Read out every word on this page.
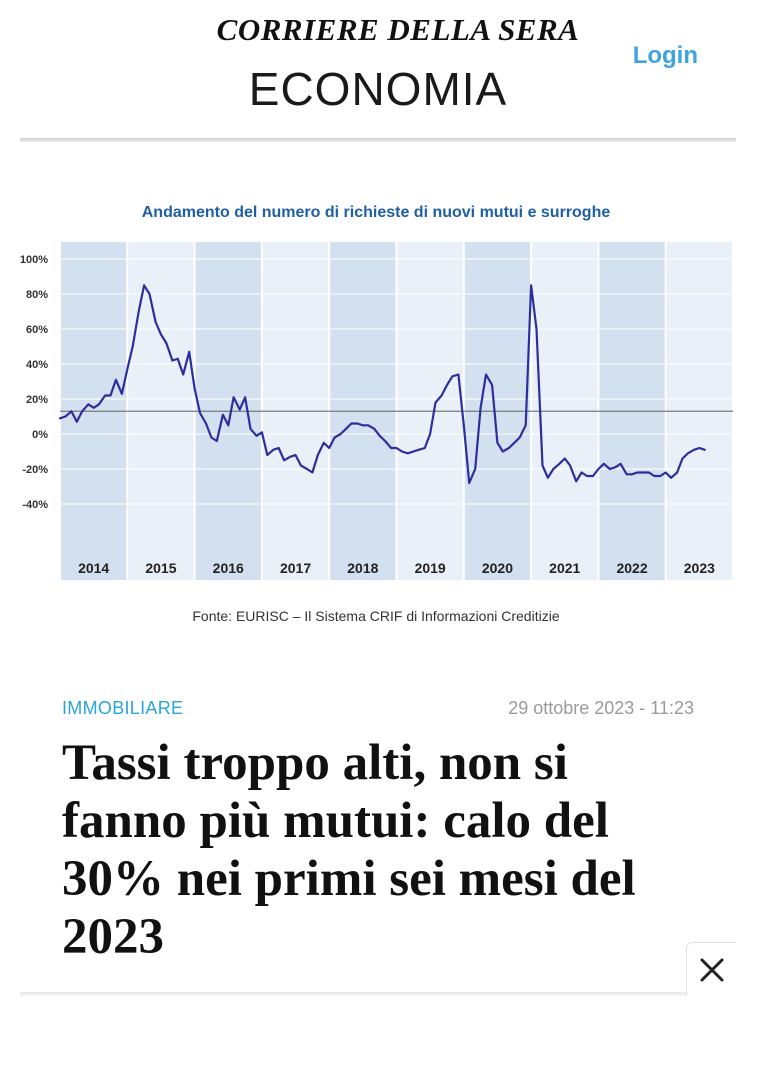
CORRIERE DELLA SERA
ECONOMIA
Login
Andamento del numero di richieste di nuovi mutui e surroghe
100%
80%
60%
40%
20%
0%
-20%
-40%
2014	2015	2016	2017	2018	2019	2020	2021	2022	2023
Fonte: EURISC – Il Sistema CRIF di Informazioni Creditizie
IMMOBILIARE	29 ottobre 2023 - 11:23
Tassi troppo alti, non si fanno più mutui: calo del 30% nei primi sei mesi del 2023
